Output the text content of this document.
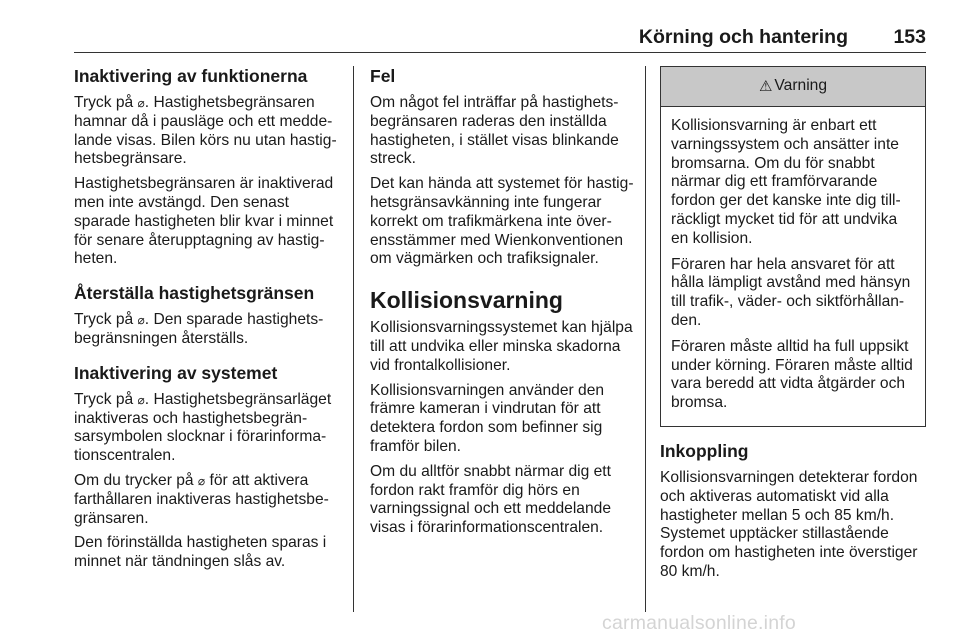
Körning och hantering 153
Inaktivering av funktionerna

Tryck på ⌀. Hastighetsbegränsaren hamnar då i pausläge och ett meddelande visas. Bilen körs nu utan hastighetsbegränsare.

Hastighetsbegränsaren är inaktiverad men inte avstängd. Den senast sparade hastigheten blir kvar i minnet för senare återupptagning av hastigheten.

Återställa hastighetsgränsen

Tryck på ⌀. Den sparade hastighetsbegränsningen återställs.

Inaktivering av systemet

Tryck på ⌀. Hastighetsbegränsarläget inaktiveras och hastighetsbegränsarsymbolen slocknar i förarinformationscentralen.

Om du trycker på ⌀ för att aktivera farthållaren inaktiveras hastighetsbegränsaren.

Den förinställda hastigheten sparas i minnet när tändningen slås av.

Fel

Om något fel inträffar på hastighetsbegränsaren raderas den inställda hastigheten, i stället visas blinkande streck.

Det kan hända att systemet för hastighetsgränsavkänning inte fungerar korrekt om trafikmärkena inte överensstämmer med Wienkonventionen om vägmärken och trafiksignaler.

Kollisionsvarning

Kollisionsvarningssystemet kan hjälpa till att undvika eller minska skadorna vid frontalkollisioner.

Kollisionsvarningen använder den främre kameran i vindrutan för att detektera fordon som befinner sig framför bilen.

Om du alltför snabbt närmar dig ett fordon rakt framför dig hörs en varningssignal och ett meddelande visas i förarinformationscentralen.

⚠ Varning

Kollisionsvarning är enbart ett varningssystem och ansätter inte bromsarna. Om du för snabbt närmar dig ett framförvarande fordon ger det kanske inte dig tillräckligt mycket tid för att undvika en kollision.

Föraren har hela ansvaret för att hålla lämpligt avstånd med hänsyn till trafik-, väder- och siktförhållanden.

Föraren måste alltid ha full uppsikt under körning. Föraren måste alltid vara beredd att vidta åtgärder och bromsa.

Inkoppling

Kollisionsvarningen detekterar fordon och aktiveras automatiskt vid alla hastigheter mellan 5 och 85 km/h. Systemet upptäcker stillastående fordon om hastigheten inte överstiger 80 km/h.

carmanualsonline.info
